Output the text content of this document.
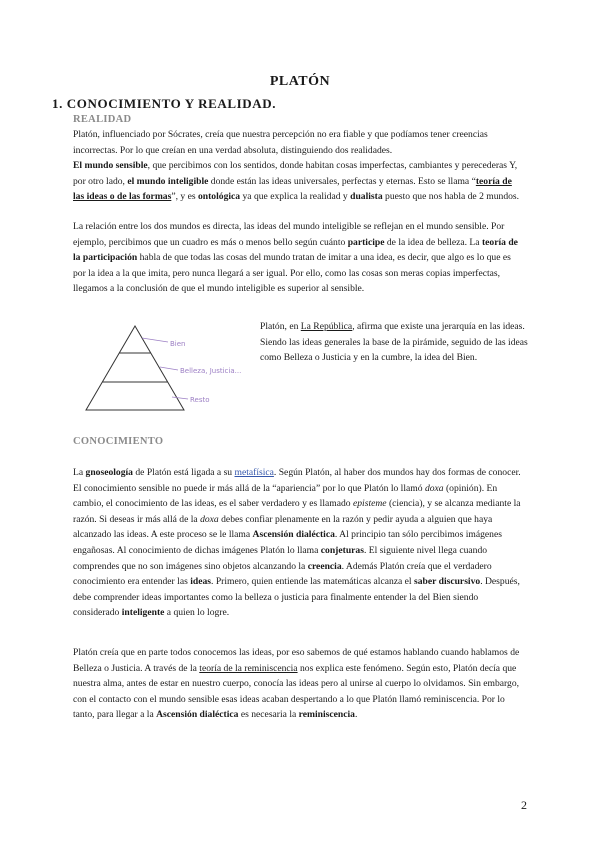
PLATÓN
1. CONOCIMIENTO Y REALIDAD.
REALIDAD

Platón, influenciado por Sócrates, creía que nuestra percepción no era fiable y que podíamos tener creencias incorrectas. Por lo que creían en una verdad absoluta, distinguiendo dos realidades.
El mundo sensible, que percibimos con los sentidos, donde habitan cosas imperfectas, cambiantes y perecederas Y, por otro lado, el mundo inteligible donde están las ideas universales, perfectas y eternas. Esto se llama “teoría de las ideas o de las formas”, y es ontológica ya que explica la realidad y dualista puesto que nos habla de 2 mundos.

La relación entre los dos mundos es directa, las ideas del mundo inteligible se reflejan en el mundo sensible. Por ejemplo, percibimos que un cuadro es más o menos bello según cuánto participe de la idea de belleza. La teoría de la participación habla de que todas las cosas del mundo tratan de imitar a una idea, es decir, que algo es lo que es por la idea a la que imita, pero nunca llegará a ser igual. Por ello, como las cosas son meras copias imperfectas, llegamos a la conclusión de que el mundo inteligible es superior al sensible.

Bien
Belleza, Justicia...
Resto

Platón, en La República, afirma que existe una jerarquía en las ideas. Siendo las ideas generales la base de la pirámide, seguido de las ideas como Belleza o Justicia y en la cumbre, la idea del Bien.

CONOCIMIENTO

La gnoseología de Platón está ligada a su metafísica. Según Platón, al haber dos mundos hay dos formas de conocer. El conocimiento sensible no puede ir más allá de la “apariencia” por lo que Platón lo llamó doxa (opinión). En cambio, el conocimiento de las ideas, es el saber verdadero y es llamado episteme (ciencia), y se alcanza mediante la razón. Si deseas ir más allá de la doxa debes confiar plenamente en la razón y pedir ayuda a alguien que haya alcanzado las ideas. A este proceso se le llama Ascensión dialéctica. Al principio tan sólo percibimos imágenes engañosas. Al conocimiento de dichas imágenes Platón lo llama conjeturas. El siguiente nivel llega cuando comprendes que no son imágenes sino objetos alcanzando la creencia. Además Platón creía que el verdadero conocimiento era entender las ideas. Primero, quien entiende las matemáticas alcanza el saber discursivo. Después, debe comprender ideas importantes como la belleza o justicia para finalmente entender la del Bien siendo considerado inteligente a quien lo logre.

Platón creía que en parte todos conocemos las ideas, por eso sabemos de qué estamos hablando cuando hablamos de Belleza o Justicia. A través de la teoría de la reminiscencia nos explica este fenómeno. Según esto, Platón decía que nuestra alma, antes de estar en nuestro cuerpo, conocía las ideas pero al unirse al cuerpo lo olvidamos. Sin embargo, con el contacto con el mundo sensible esas ideas acaban despertando a lo que Platón llamó reminiscencia. Por lo tanto, para llegar a la Ascensión dialéctica es necesaria la reminiscencia.

2
